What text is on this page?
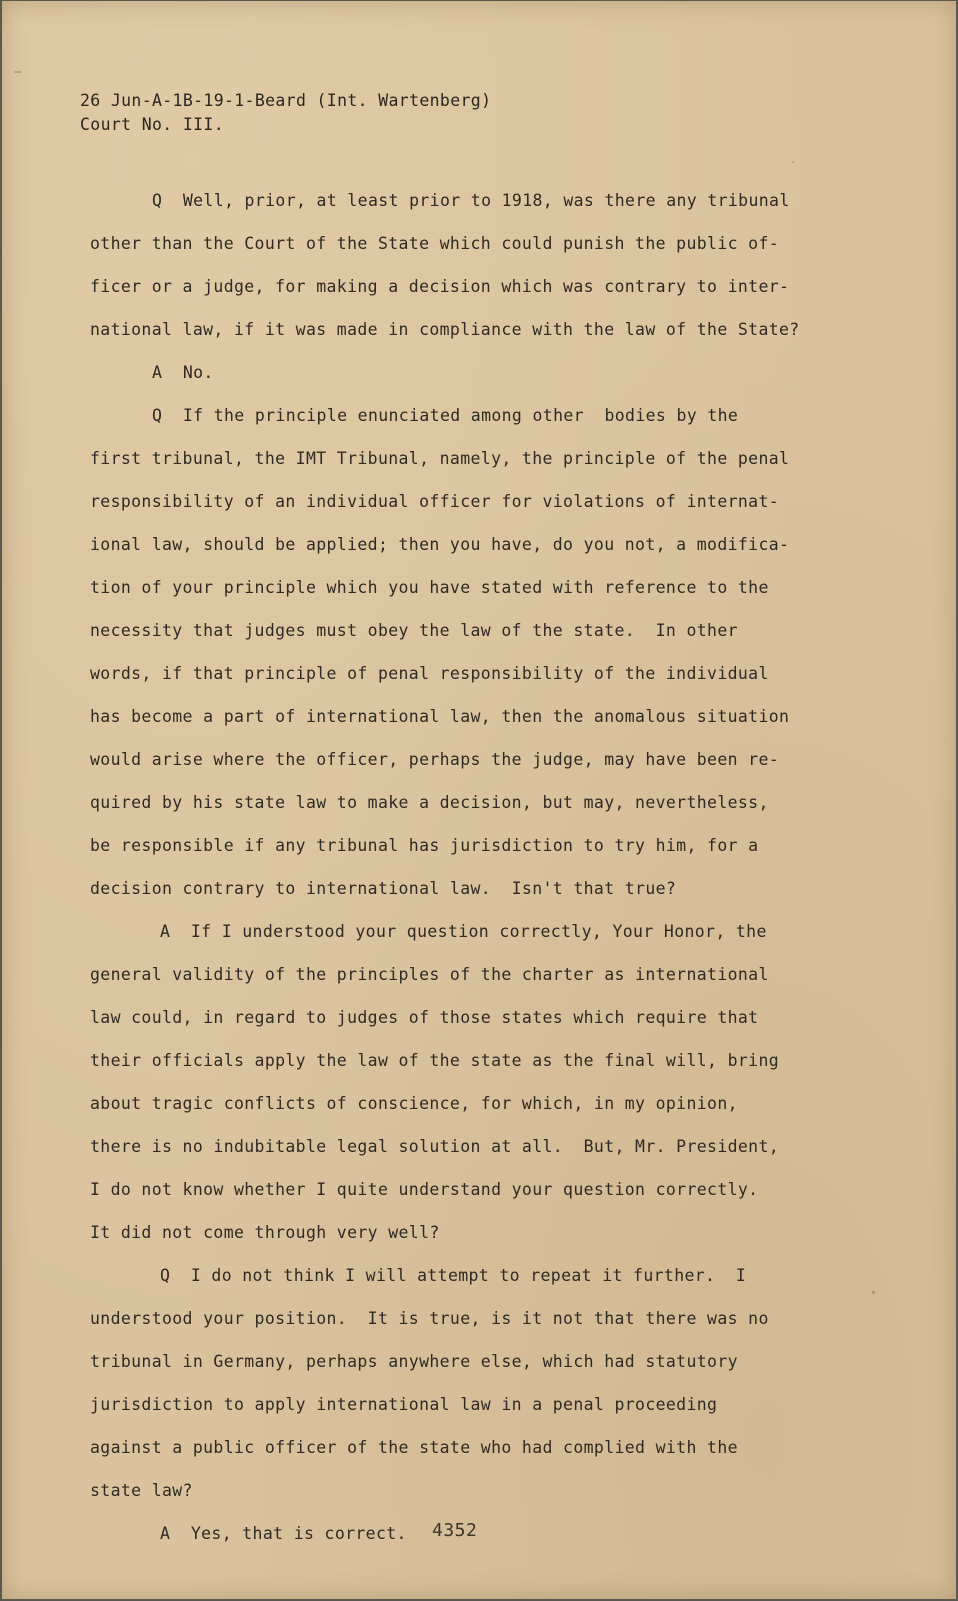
26 Jun-A-1B-19-1-Beard (Int. Wartenberg)
Court No. III.
Q  Well, prior, at least prior to 1918, was there any tribunal
other than the Court of the State which could punish the public of-
ficer or a judge, for making a decision which was contrary to inter-
national law, if it was made in compliance with the law of the State?
A  No.
Q  If the principle enunciated among other  bodies by the
first tribunal, the IMT Tribunal, namely, the principle of the penal
responsibility of an individual officer for violations of internat-
ional law, should be applied; then you have, do you not, a modifica-
tion of your principle which you have stated with reference to the
necessity that judges must obey the law of the state.  In other
words, if that principle of penal responsibility of the individual
has become a part of international law, then the anomalous situation
would arise where the officer, perhaps the judge, may have been re-
quired by his state law to make a decision, but may, nevertheless,
be responsible if any tribunal has jurisdiction to try him, for a
decision contrary to international law.  Isn't that true?
A  If I understood your question correctly, Your Honor, the
general validity of the principles of the charter as international
law could, in regard to judges of those states which require that
their officials apply the law of the state as the final will, bring
about tragic conflicts of conscience, for which, in my opinion,
there is no indubitable legal solution at all.  But, Mr. President,
I do not know whether I quite understand your question correctly.
It did not come through very well?
Q  I do not think I will attempt to repeat it further.  I
understood your position.  It is true, is it not that there was no
tribunal in Germany, perhaps anywhere else, which had statutory
jurisdiction to apply international law in a penal proceeding
against a public officer of the state who had complied with the
state law?
A  Yes, that is correct. 4352
